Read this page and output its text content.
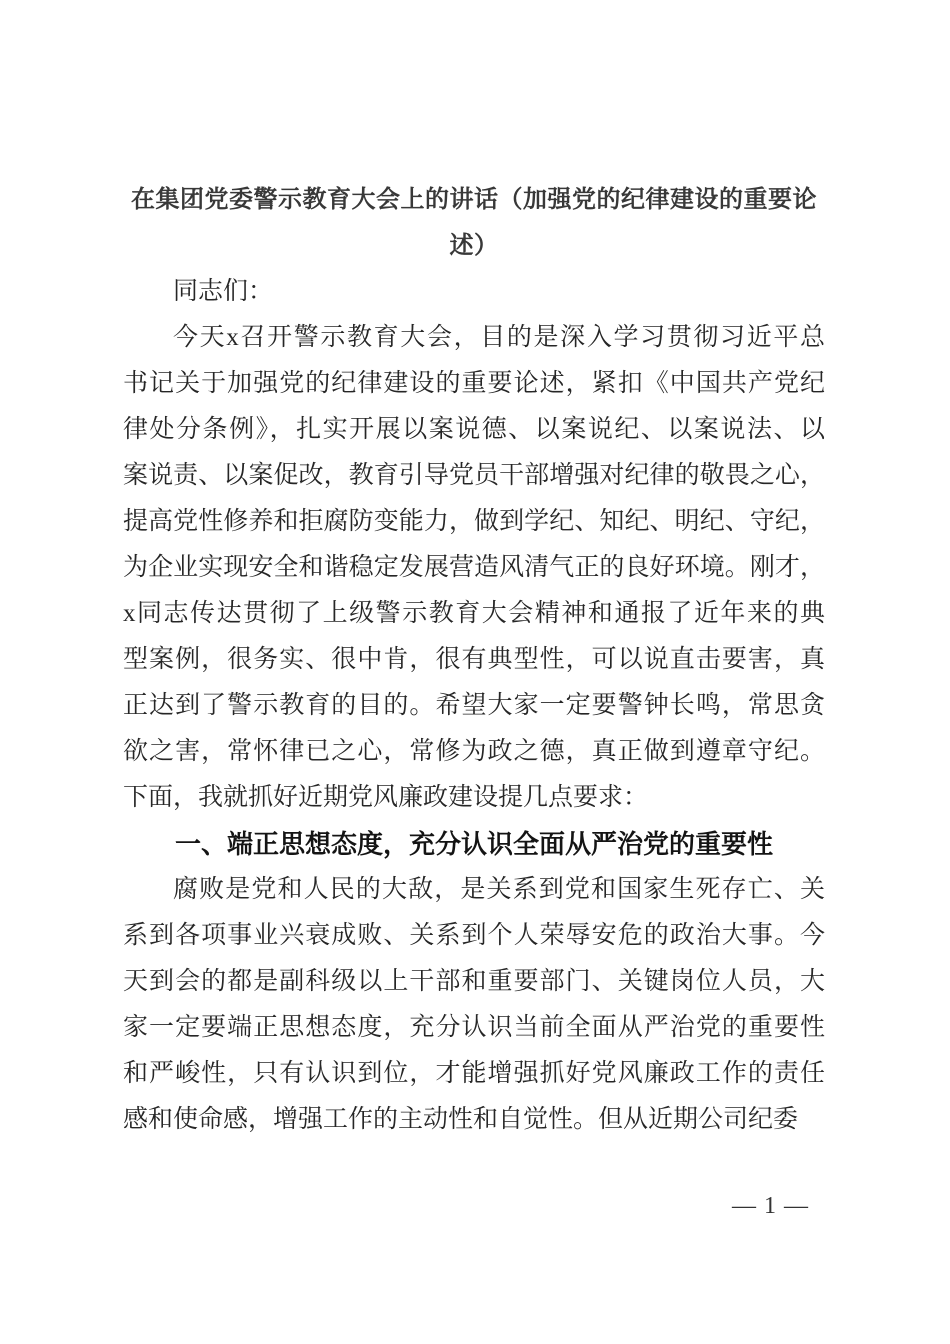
在集团党委警示教育大会上的讲话（加强党的纪律建设的重要论
述）
同志们：
今天x召开警示教育大会，目的是深入学习贯彻习近平总
书记关于加强党的纪律建设的重要论述，紧扣《中国共产党纪
律处分条例》，扎实开展以案说德、以案说纪、以案说法、以
案说责、以案促改，教育引导党员干部增强对纪律的敬畏之心，
提高党性修养和拒腐防变能力，做到学纪、知纪、明纪、守纪，
为企业实现安全和谐稳定发展营造风清气正的良好环境。刚才，
x同志传达贯彻了上级警示教育大会精神和通报了近年来的典
型案例，很务实、很中肯，很有典型性，可以说直击要害，真
正达到了警示教育的目的。希望大家一定要警钟长鸣，常思贪
欲之害，常怀律已之心，常修为政之德，真正做到遵章守纪。
下面，我就抓好近期党风廉政建设提几点要求：
一、端正思想态度，充分认识全面从严治党的重要性
腐败是党和人民的大敌，是关系到党和国家生死存亡、关
系到各项事业兴衰成败、关系到个人荣辱安危的政治大事。今
天到会的都是副科级以上干部和重要部门、关键岗位人员，大
家一定要端正思想态度，充分认识当前全面从严治党的重要性
和严峻性，只有认识到位，才能增强抓好党风廉政工作的责任
感和使命感，增强工作的主动性和自觉性。但从近期公司纪委
— 1 —
